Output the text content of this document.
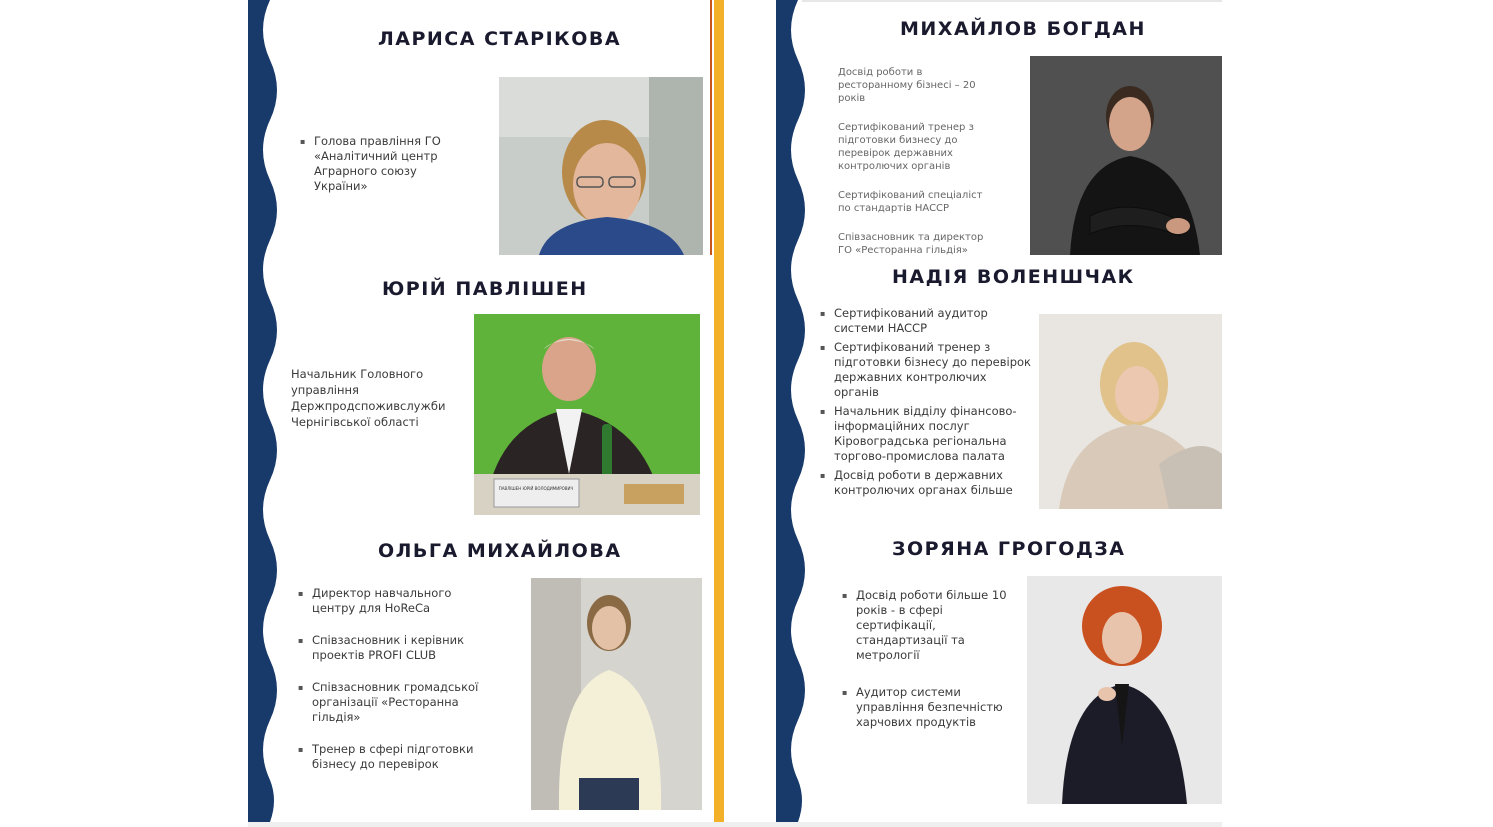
ЛАРИСА СТАРІКОВА
▪ Голова правління ГО «Аналітичний центр Аграрного союзу України»
ЮРІЙ ПАВЛІШЕН
Начальник Головного управління Держпродспоживслужби Чернігівської області
ПАВЛІШЕН ЮРІЙ ВОЛОДИМИРОВИЧ
ОЛЬГА МИХАЙЛОВА
▪ Директор навчального центру для HoReCa
▪ Співзасновник і керівник проектів PROFI CLUB
▪ Співзасновник громадської організації «Ресторанна гільдія»
▪ Тренер в сфері підготовки бізнесу до перевірок
МИХАЙЛОВ БОГДАН
Досвід роботи в ресторанному бізнесі – 20 років
Сертифікований тренер з підготовки бизнесу до перевірок державних контролючих органів
Сертифікований спеціаліст по стандартів HACCP
Співзасновник та директор ГО «Ресторанна гільдія»
НАДІЯ ВОЛЕНШЧАК
▪ Сертифікований аудитор системи HACCP
▪ Сертифікований тренер з підготовки бізнесу до перевірок державних контролючих органів
▪ Начальник відділу фінансово-інформаційних послуг Кіровоградська регіональна торгово-промислова палата
▪ Досвід роботи в державних контролючих органах більше
ЗОРЯНА ГРОГОДЗА
▪ Досвід роботи більше 10 років - в сфері сертифікації, стандартизації та метрології
▪ Аудитор системи управління безпечністю харчових продуктів
